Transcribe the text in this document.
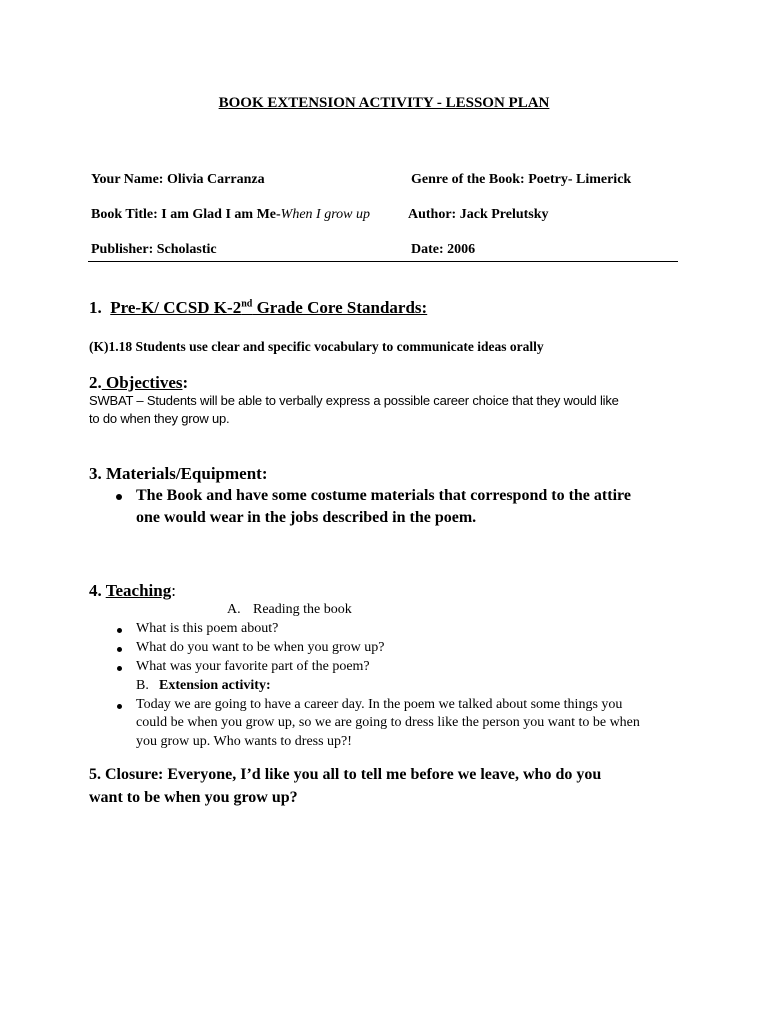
BOOK EXTENSION ACTIVITY - LESSON PLAN
Your Name: Olivia Carranza	Genre of the Book: Poetry- Limerick
Book Title: I am Glad I am Me-When I grow up	Author: Jack Prelutsky
Publisher: Scholastic	Date: 2006
1. Pre-K/ CCSD K-2nd Grade Core Standards:
(K)1.18 Students use clear and specific vocabulary to communicate ideas orally
2. Objectives:
SWBAT – Students will be able to verbally express a possible career choice that they would like
to do when they grow up.
3. Materials/Equipment:
The Book and have some costume materials that correspond to the attire
one would wear in the jobs described in the poem.
4. Teaching:
A. Reading the book
What is this poem about?
What do you want to be when you grow up?
What was your favorite part of the poem?
B. Extension activity:
Today we are going to have a career day. In the poem we talked about some things you
could be when you grow up, so we are going to dress like the person you want to be when
you grow up. Who wants to dress up?!
5. Closure: Everyone, I’d like you all to tell me before we leave, who do you
want to be when you grow up?
